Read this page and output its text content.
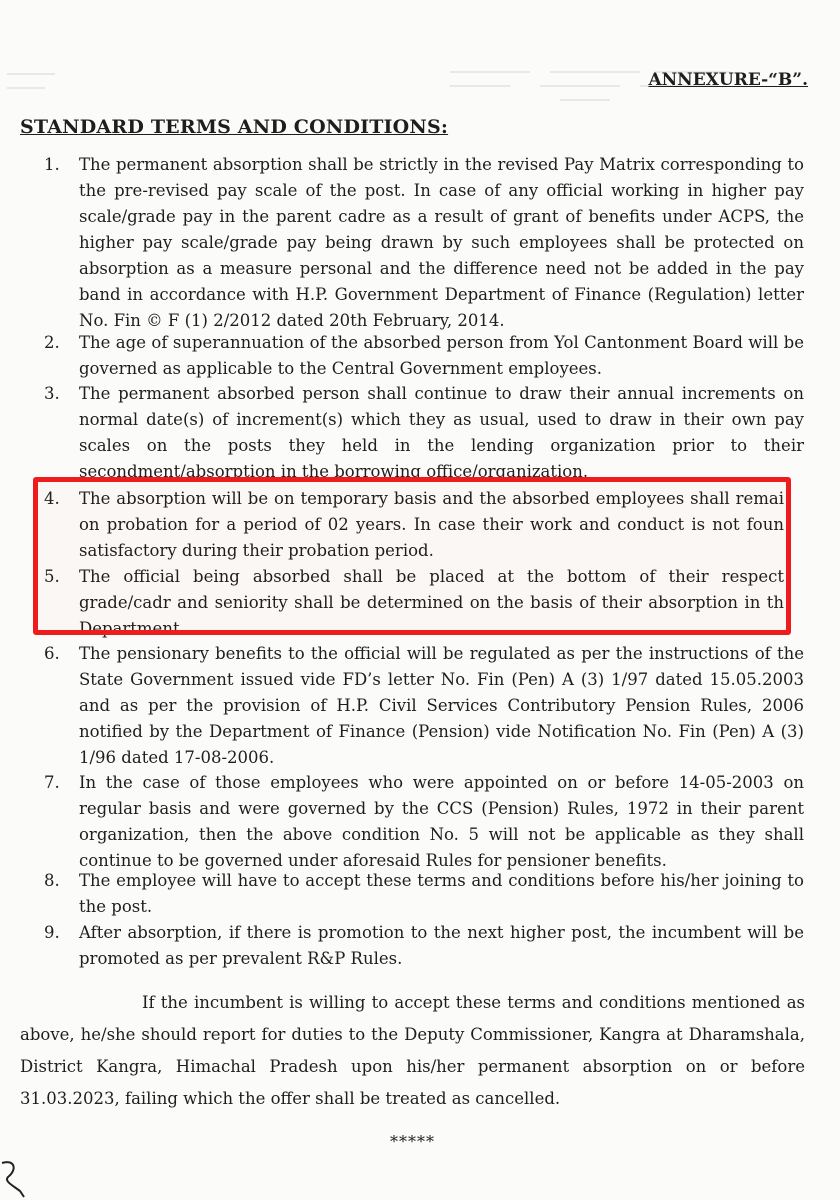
ANNEXURE-“B”.
STANDARD TERMS AND CONDITIONS:
1.	The permanent absorption shall be strictly in the revised Pay Matrix corresponding to the pre-revised pay scale of the post. In case of any official working in higher pay scale/grade pay in the parent cadre as a result of grant of benefits under ACPS, the higher pay scale/grade pay being drawn by such employees shall be protected on absorption as a measure personal and the difference need not be added in the pay band in accordance with H.P. Government Department of Finance (Regulation) letter No. Fin © F (1) 2/2012 dated 20th February, 2014.
2.	The age of superannuation of the absorbed person from Yol Cantonment Board will be governed as applicable to the Central Government employees.
3.	The permanent absorbed person shall continue to draw their annual increments on normal date(s) of increment(s) which they as usual, used to draw in their own pay scales on the posts they held in the lending organization prior to their secondment/absorption in the borrowing office/organization.
4.	The absorption will be on temporary basis and the absorbed employees shall remai on probation for a period of 02 years. In case their work and conduct is not foun satisfactory during their probation period.
5.	The official being absorbed shall be placed at the bottom of their respect grade/cadr and seniority shall be determined on the basis of their absorption in th Department.
6.	The pensionary benefits to the official will be regulated as per the instructions of the State Government issued vide FD’s letter No. Fin (Pen) A (3) 1/97 dated 15.05.2003 and as per the provision of H.P. Civil Services Contributory Pension Rules, 2006 notified by the Department of Finance (Pension) vide Notification No. Fin (Pen) A (3) 1/96 dated 17-08-2006.
7.	In the case of those employees who were appointed on or before 14-05-2003 on regular basis and were governed by the CCS (Pension) Rules, 1972 in their parent organization, then the above condition No. 5 will not be applicable as they shall continue to be governed under aforesaid Rules for pensioner benefits.
8.	The employee will have to accept these terms and conditions before his/her joining to the post.
9.	After absorption, if there is promotion to the next higher post, the incumbent will be promoted as per prevalent R&P Rules.
If the incumbent is willing to accept these terms and conditions mentioned as above, he/she should report for duties to the Deputy Commissioner, Kangra at Dharamshala, District Kangra, Himachal Pradesh upon his/her permanent absorption on or before 31.03.2023, failing which the offer shall be treated as cancelled.
*****
